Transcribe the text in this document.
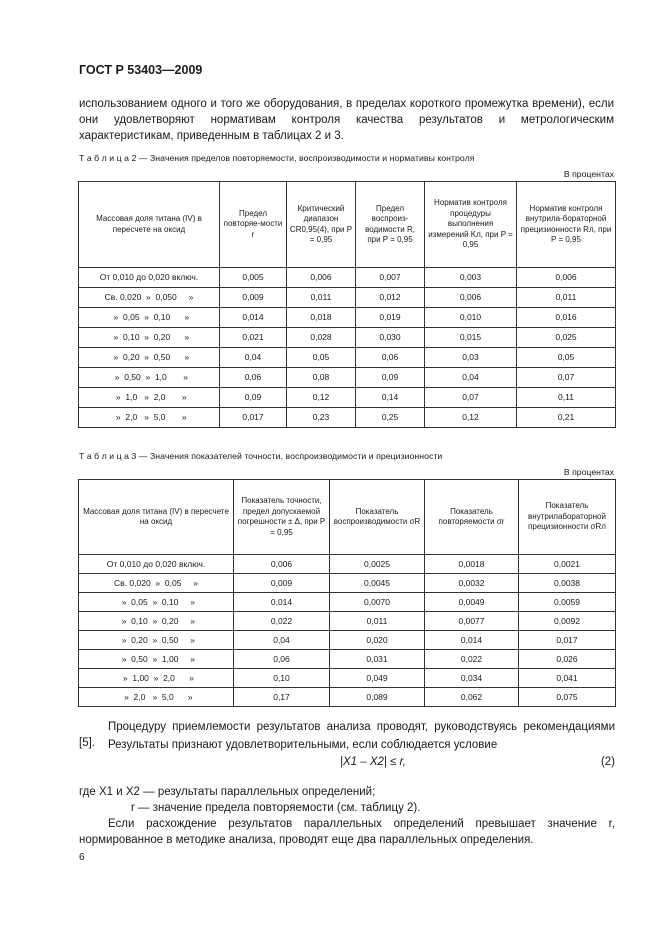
ГОСТ Р 53403—2009
использованием одного и того же оборудования, в пределах короткого промежутка времени), если они удовлетворяют нормативам контроля качества результатов и метрологическим характеристикам, приведенным в таблицах 2 и 3.
Т а б л и ц а 2 — Значения пределов повторяемости, воспроизводимости и нормативы контроля
В процентах
Массовая доля титана (IV) в пересчете на оксид	Предел повторяе-мости r	Критический диапазон CR0,95(4), при P = 0,95	Предел воспроиз-водимости R, при P = 0,95	Норматив контроля процедуры выполнения измерений Kл, при P = 0,95	Норматив контроля внутрила-бораторной прецизионности Rл, при P = 0,95
От 0,010 до 0,020 включ.	0,005	0,006	0,007	0,003	0,006
Св. 0,020  »  0,050     »	0,009	0,011	0,012	0,006	0,011
»  0,05  »  0,10      »	0,014	0,018	0,019	0,010	0,016
»  0,10  »  0,20      »	0,021	0,028	0,030	0,015	0,025
»  0,20  »  0,50      »	0,04	0,05	0,06	0,03	0,05
»  0,50  »  1,0       »	0,06	0,08	0,09	0,04	0,07
»  1,0   »  2,0       »	0,09	0,12	0,14	0,07	0,11
»  2,0   »  5,0       »	0,017	0,23	0,25	0,12	0,21
Т а б л и ц а 3 — Значения показателей точности, воспроизводимости и прецизионности
В процентах
Массовая доля титана (IV) в пересчете на оксид	Показатель точности, предел допускаемой погрешности ± Δ, при P = 0,95	Показатель воспроизводимости σR	Показатель повторяемости σr	Показатель внутрилабораторной прецизионности σRл
От 0,010 до 0,020 включ.	0,006	0,0025	0,0018	0,0021
Св. 0,020  »  0,05     »	0,009	0,0045	0,0032	0,0038
»  0,05  »  0,10     »	0,014	0,0070	0,0049	0,0059
»  0,10  »  0,20     »	0,022	0,011	0,0077	0,0092
»  0,20  »  0,50     »	0,04	0,020	0,014	0,017
»  0,50  »  1,00     »	0,06	0,031	0,022	0,026
»  1,00  »  2,0      »	0,10	0,049	0,034	0,041
»  2,0   »  5,0      »	0,17	0,089	0,062	0,075
Процедуру приемлемости результатов анализа проводят, руководствуясь рекомендациями [5].	Результаты признают удовлетворительными, если соблюдается условие
|X1 – X2| ≤ r,	(2)
где X1 и X2 — результаты параллельных определений;
r — значение предела повторяемости (см. таблицу 2).
Если расхождение результатов параллельных определений превышает значение r, нормированное в методике анализа, проводят еще два параллельных определения.
6
